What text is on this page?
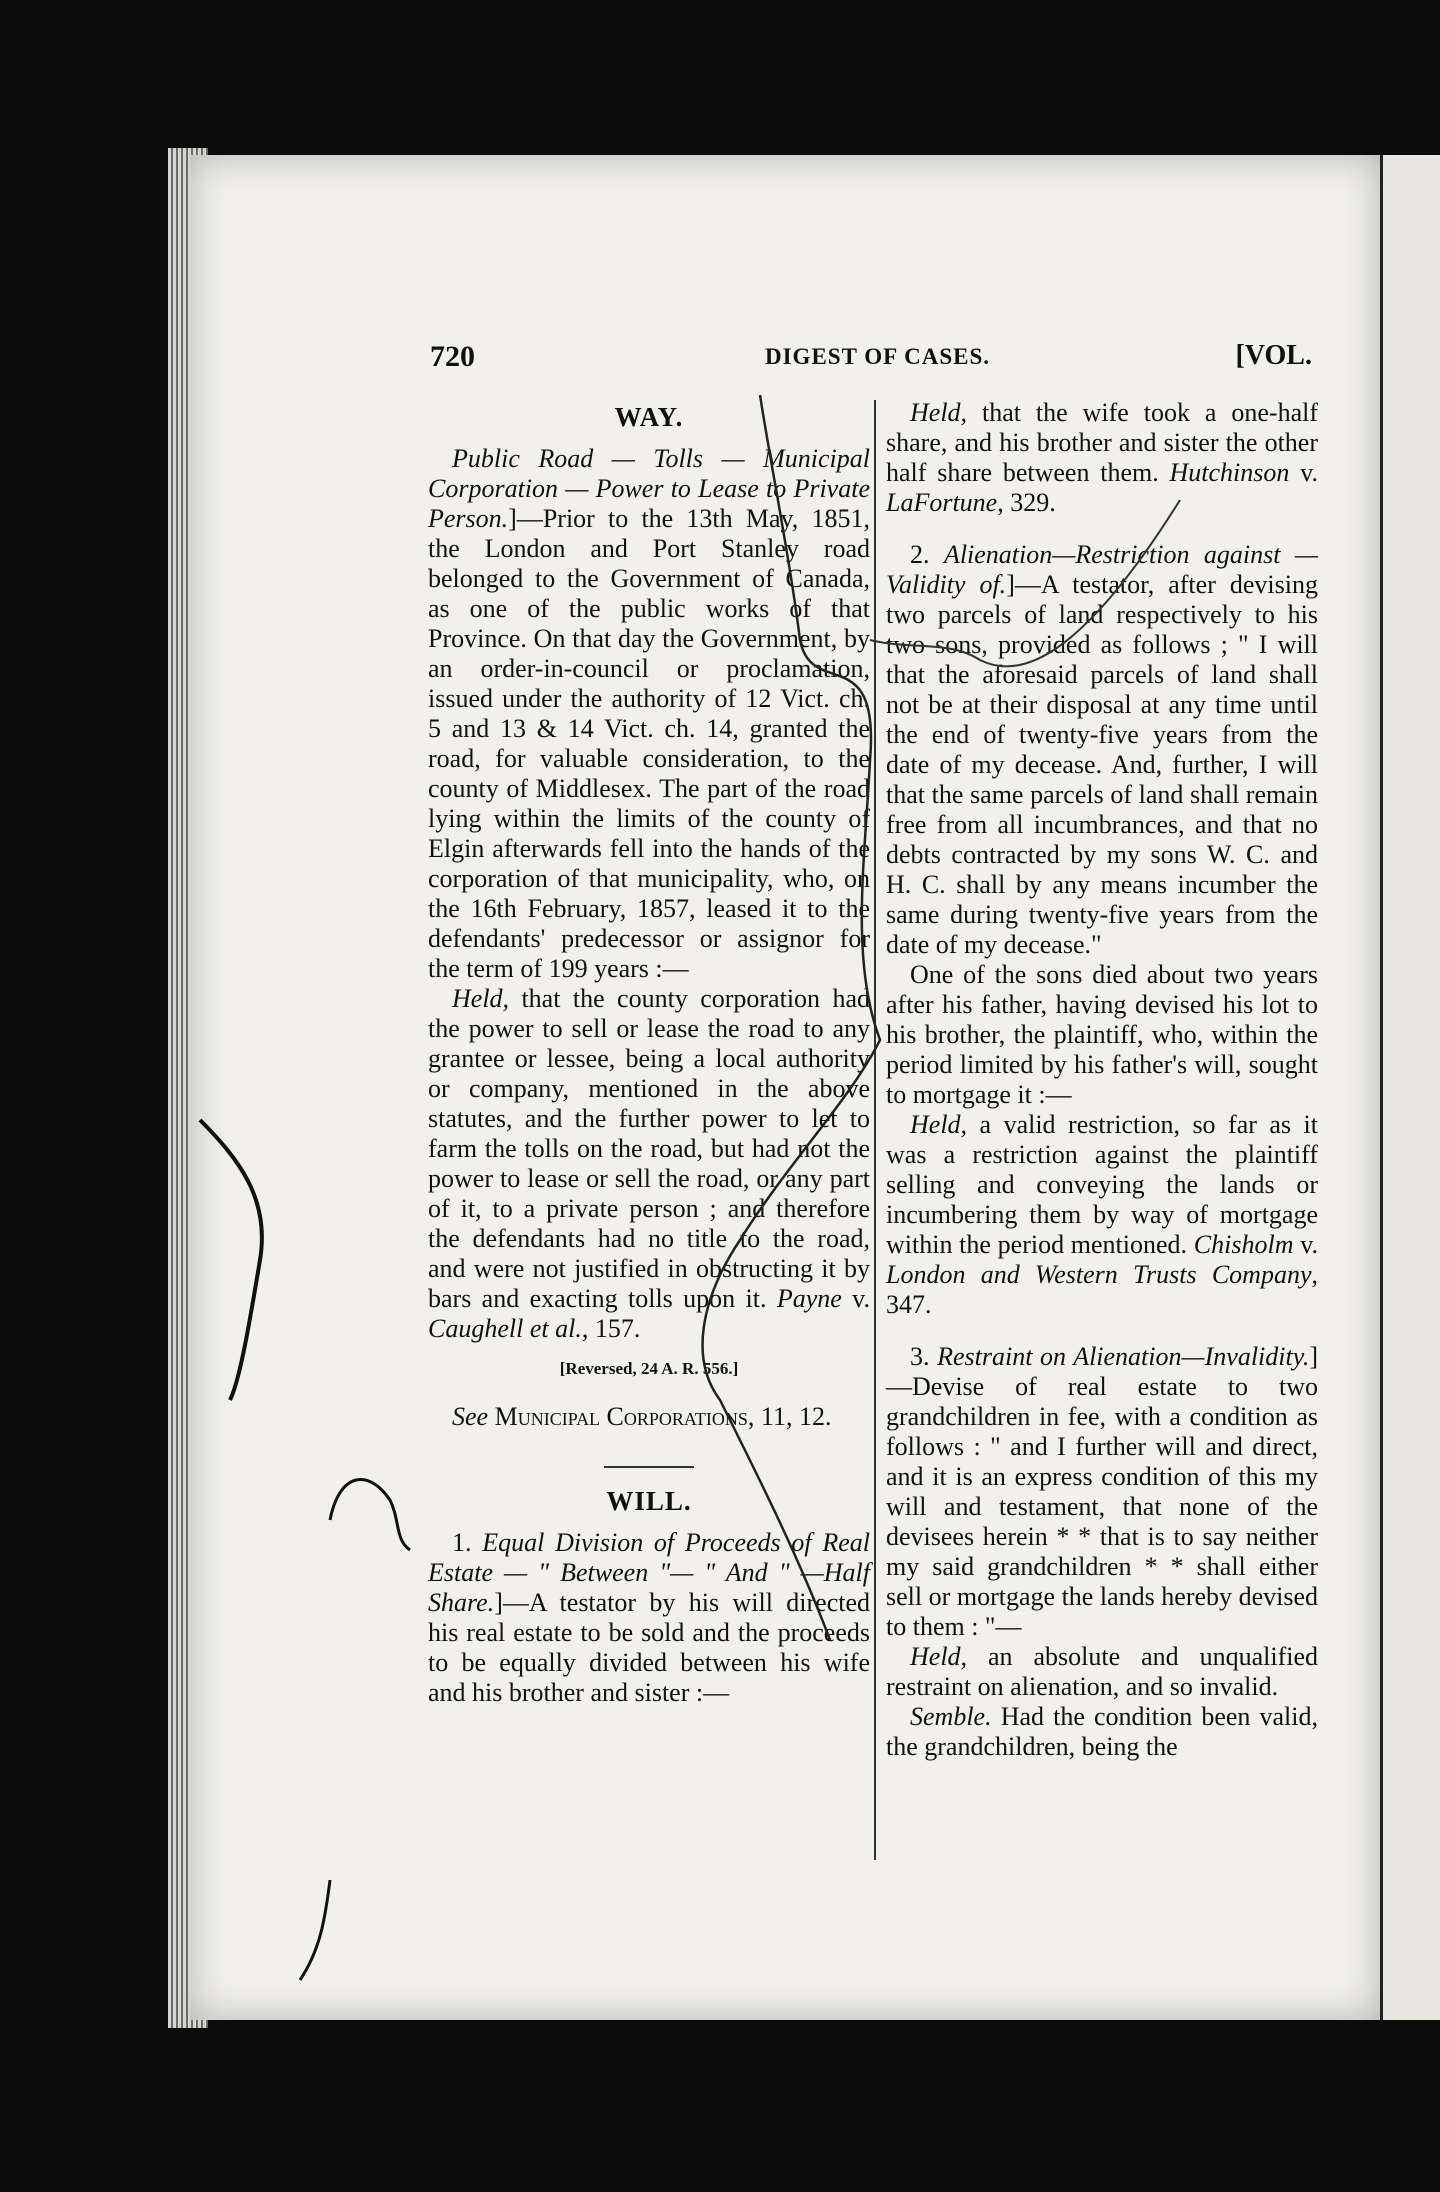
720	DIGEST OF CASES.	[VOL.
WAY.

Public Road — Tolls — Municipal Corporation — Power to Lease to Private Person.]—Prior to the 13th May, 1851, the London and Port Stanley road belonged to the Government of Canada, as one of the public works of that Province. On that day the Government, by an order-in-council or proclamation, issued under the authority of 12 Vict. ch. 5 and 13 & 14 Vict. ch. 14, granted the road, for valuable consideration, to the county of Middlesex. The part of the road lying within the limits of the county of Elgin afterwards fell into the hands of the corporation of that municipality, who, on the 16th February, 1857, leased it to the defendants' predecessor or assignor for the term of 199 years :—

Held, that the county corporation had the power to sell or lease the road to any grantee or lessee, being a local authority or company, mentioned in the above statutes, and the further power to let to farm the tolls on the road, but had not the power to lease or sell the road, or any part of it, to a private person ; and therefore the defendants had no title to the road, and were not justified in obstructing it by bars and exacting tolls upon it. Payne v. Caughell et al., 157.

[Reversed, 24 A. R. 556.]

See Municipal Corporations, 11, 12.

WILL.

1. Equal Division of Proceeds of Real Estate — " Between "— " And " —Half Share.]—A testator by his will directed his real estate to be sold and the proceeds to be equally divided between his wife and his brother and sister :—

Held, that the wife took a one-half share, and his brother and sister the other half share between them. Hutchinson v. LaFortune, 329.

2. Alienation—Restriction against —Validity of.]—A testator, after devising two parcels of land respectively to his two sons, provided as follows ; " I will that the aforesaid parcels of land shall not be at their disposal at any time until the end of twenty-five years from the date of my decease. And, further, I will that the same parcels of land shall remain free from all incumbrances, and that no debts contracted by my sons W. C. and H. C. shall by any means incumber the same during twenty-five years from the date of my decease."

One of the sons died about two years after his father, having devised his lot to his brother, the plaintiff, who, within the period limited by his father's will, sought to mortgage it :—

Held, a valid restriction, so far as it was a restriction against the plaintiff selling and conveying the lands or incumbering them by way of mortgage within the period mentioned. Chisholm v. London and Western Trusts Company, 347.

3. Restraint on Alienation—Invalidity.]—Devise of real estate to two grandchildren in fee, with a condition as follows : " and I further will and direct, and it is an express condition of this my will and testament, that none of the devisees herein * * that is to say neither my said grandchildren * * shall either sell or mortgage the lands hereby devised to them : "—

Held, an absolute and unqualified restraint on alienation, and so invalid.

Semble. Had the condition been valid, the grandchildren, being the
